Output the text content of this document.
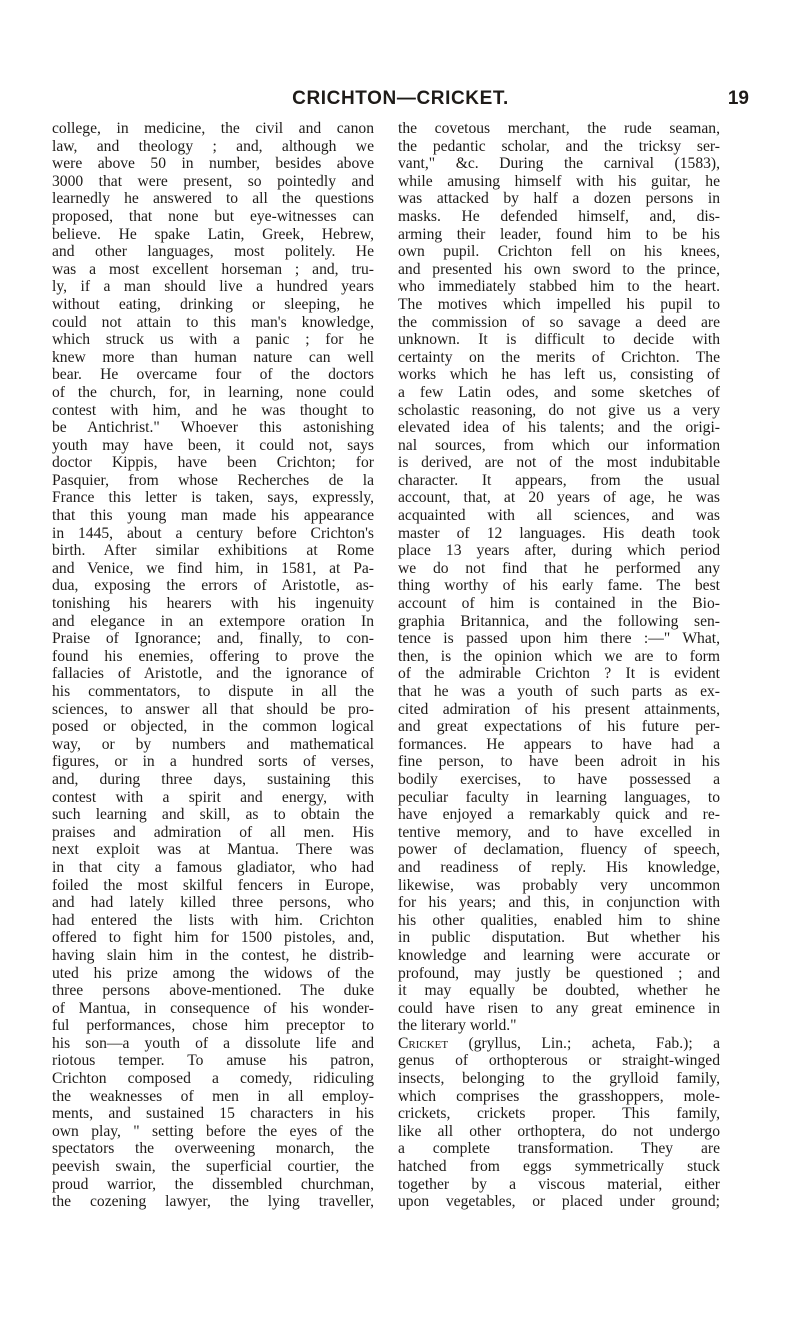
CRICHTON—CRICKET.	19
college, in medicine, the civil and canon
law, and theology ; and, although we
were above 50 in number, besides above
3000 that were present, so pointedly and
learnedly he answered to all the questions
proposed, that none but eye-witnesses can
believe. He spake Latin, Greek, Hebrew,
and other languages, most politely. He
was a most excellent horseman ; and, tru-
ly, if a man should live a hundred years
without eating, drinking or sleeping, he
could not attain to this man's knowledge,
which struck us with a panic ; for he
knew more than human nature can well
bear. He overcame four of the doctors
of the church, for, in learning, none could
contest with him, and he was thought to
be Antichrist." Whoever this astonishing
youth may have been, it could not, says
doctor Kippis, have been Crichton; for
Pasquier, from whose Recherches de la
France this letter is taken, says, expressly,
that this young man made his appearance
in 1445, about a century before Crichton's
birth. After similar exhibitions at Rome
and Venice, we find him, in 1581, at Pa-
dua, exposing the errors of Aristotle, as-
tonishing his hearers with his ingenuity
and elegance in an extempore oration In
Praise of Ignorance; and, finally, to con-
found his enemies, offering to prove the
fallacies of Aristotle, and the ignorance of
his commentators, to dispute in all the
sciences, to answer all that should be pro-
posed or objected, in the common logical
way, or by numbers and mathematical
figures, or in a hundred sorts of verses,
and, during three days, sustaining this
contest with a spirit and energy, with
such learning and skill, as to obtain the
praises and admiration of all men. His
next exploit was at Mantua. There was
in that city a famous gladiator, who had
foiled the most skilful fencers in Europe,
and had lately killed three persons, who
had entered the lists with him. Crichton
offered to fight him for 1500 pistoles, and,
having slain him in the contest, he distrib-
uted his prize among the widows of the
three persons above-mentioned. The duke
of Mantua, in consequence of his wonder-
ful performances, chose him preceptor to
his son—a youth of a dissolute life and
riotous temper. To amuse his patron,
Crichton composed a comedy, ridiculing
the weaknesses of men in all employ-
ments, and sustained 15 characters in his
own play, " setting before the eyes of the
spectators the overweening monarch, the
peevish swain, the superficial courtier, the
proud warrior, the dissembled churchman,
the cozening lawyer, the lying traveller,
the covetous merchant, the rude seaman,
the pedantic scholar, and the tricksy ser-
vant," &c. During the carnival (1583),
while amusing himself with his guitar, he
was attacked by half a dozen persons in
masks. He defended himself, and, dis-
arming their leader, found him to be his
own pupil. Crichton fell on his knees,
and presented his own sword to the prince,
who immediately stabbed him to the heart.
The motives which impelled his pupil to
the commission of so savage a deed are
unknown. It is difficult to decide with
certainty on the merits of Crichton. The
works which he has left us, consisting of
a few Latin odes, and some sketches of
scholastic reasoning, do not give us a very
elevated idea of his talents; and the origi-
nal sources, from which our information
is derived, are not of the most indubitable
character. It appears, from the usual
account, that, at 20 years of age, he was
acquainted with all sciences, and was
master of 12 languages. His death took
place 13 years after, during which period
we do not find that he performed any
thing worthy of his early fame. The best
account of him is contained in the Bio-
graphia Britannica, and the following sen-
tence is passed upon him there :—" What,
then, is the opinion which we are to form
of the admirable Crichton ? It is evident
that he was a youth of such parts as ex-
cited admiration of his present attainments,
and great expectations of his future per-
formances. He appears to have had a
fine person, to have been adroit in his
bodily exercises, to have possessed a
peculiar faculty in learning languages, to
have enjoyed a remarkably quick and re-
tentive memory, and to have excelled in
power of declamation, fluency of speech,
and readiness of reply. His knowledge,
likewise, was probably very uncommon
for his years; and this, in conjunction with
his other qualities, enabled him to shine
in public disputation. But whether his
knowledge and learning were accurate or
profound, may justly be questioned ; and
it may equally be doubted, whether he
could have risen to any great eminence in
the literary world."
Cricket (gryllus, Lin.; acheta, Fab.); a
genus of orthopterous or straight-winged
insects, belonging to the grylloid family,
which comprises the grasshoppers, mole-
crickets, crickets proper. This family,
like all other orthoptera, do not undergo
a complete transformation. They are
hatched from eggs symmetrically stuck
together by a viscous material, either
upon vegetables, or placed under ground;
